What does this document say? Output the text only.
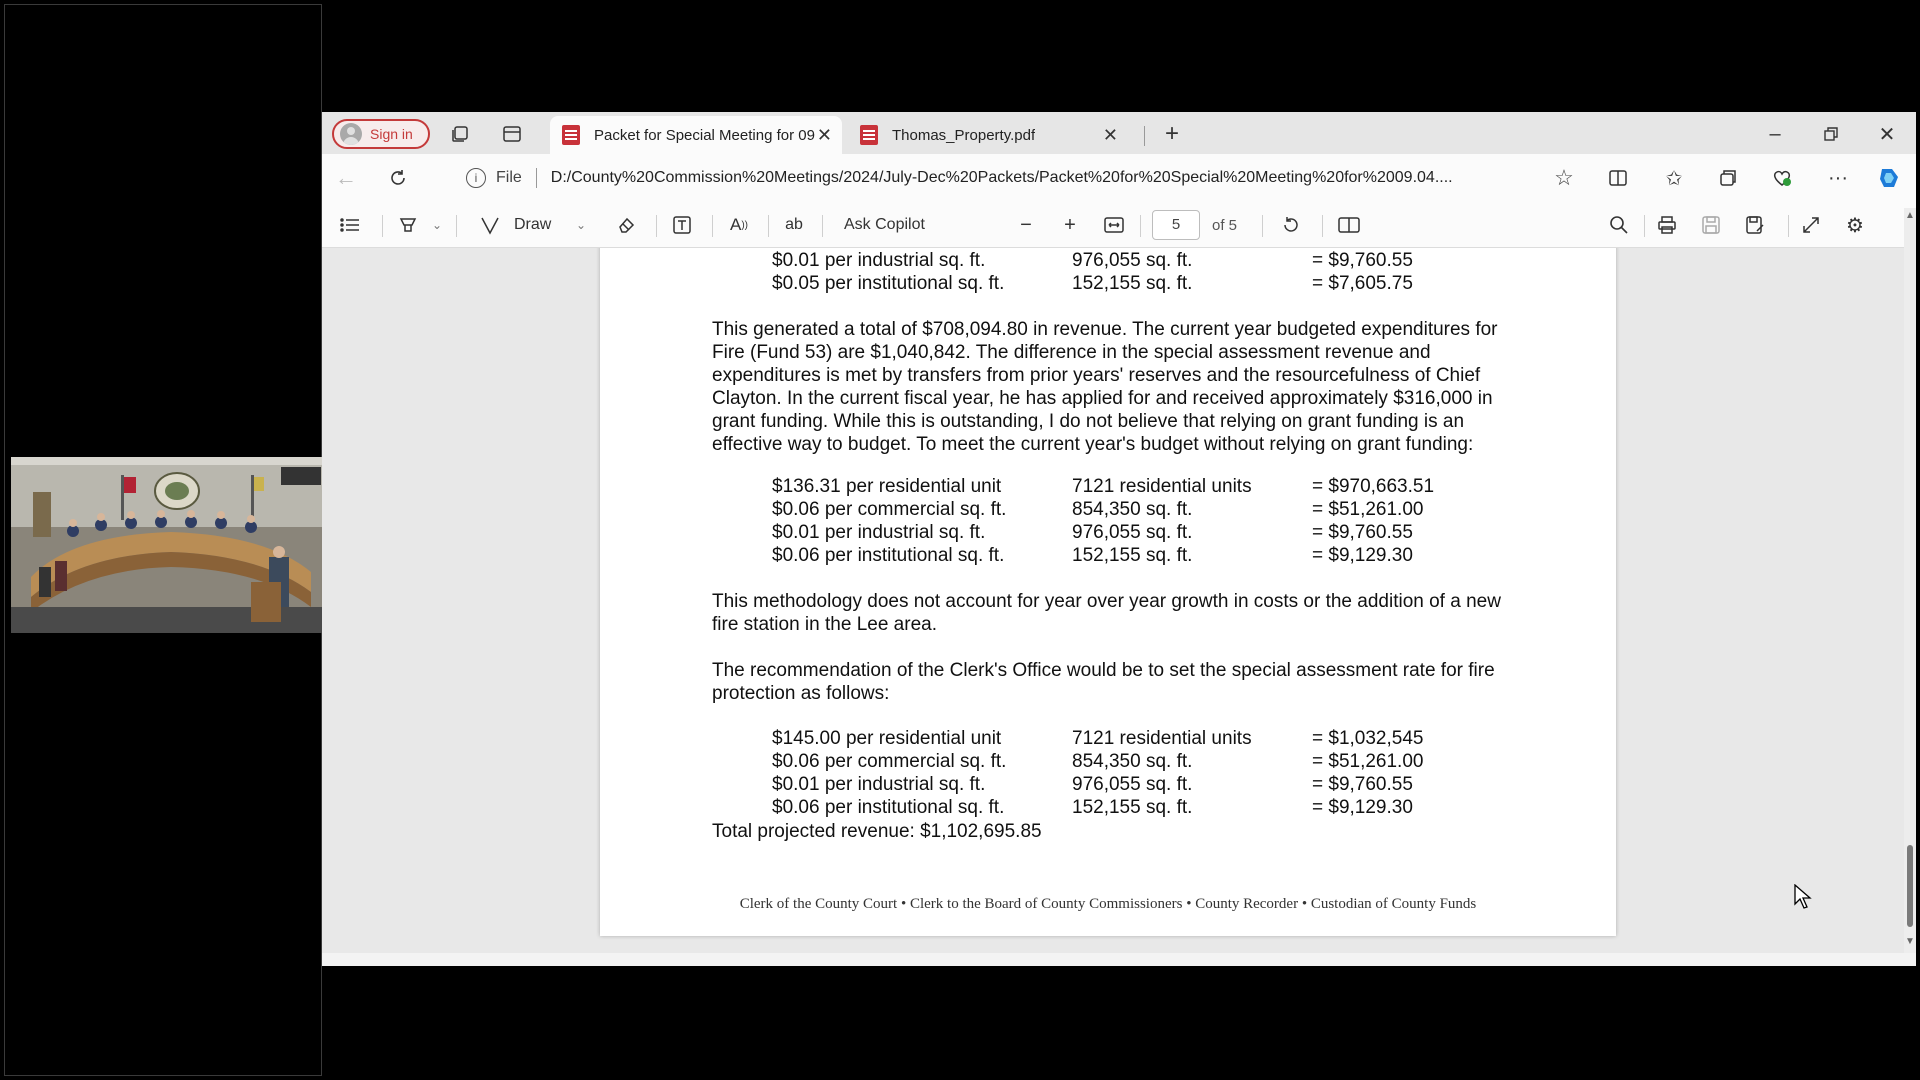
Sign in	Packet for Special Meeting for 09 ✕	Thomas_Property.pdf	✕ +	–	✕
←	i	File D:/County%20Commission%20Meetings/2024/July-Dec%20Packets/Packet%20for%20Special%20Meeting%20for%2009.04....	☆	✩	···
⌄	Draw ⌄	A ))	ab	Ask Copilot	−	+	5	of 5	⚙
$0.01 per industrial sq. ft.	976,055 sq. ft.	= $9,760.55
$0.05 per institutional sq. ft.	152,155 sq. ft.	= $7,605.75
This generated a total of $708,094.80 in revenue. The current year budgeted expenditures for Fire (Fund 53) are $1,040,842. The difference in the special assessment revenue and expenditures is met by transfers from prior years' reserves and the resourcefulness of Chief Clayton. In the current fiscal year, he has applied for and received approximately $316,000 in grant funding. While this is outstanding, I do not believe that relying on grant funding is an effective way to budget. To meet the current year's budget without relying on grant funding:
$136.31 per residential unit	7121 residential units	= $970,663.51
$0.06 per commercial sq. ft.	854,350 sq. ft.	= $51,261.00
$0.01 per industrial sq. ft.	976,055 sq. ft.	= $9,760.55
$0.06 per institutional sq. ft.	152,155 sq. ft.	= $9,129.30
This methodology does not account for year over year growth in costs or the addition of a new fire station in the Lee area.
The recommendation of the Clerk's Office would be to set the special assessment rate for fire protection as follows:
$145.00 per residential unit	7121 residential units	= $1,032,545
$0.06 per commercial sq. ft.	854,350 sq. ft.	= $51,261.00
$0.01 per industrial sq. ft.	976,055 sq. ft.	= $9,760.55
$0.06 per institutional sq. ft.	152,155 sq. ft.	= $9,129.30
Total projected revenue: $1,102,695.85
Clerk of the County Court • Clerk to the Board of County Commissioners • County Recorder • Custodian of County Funds
▲
▼
